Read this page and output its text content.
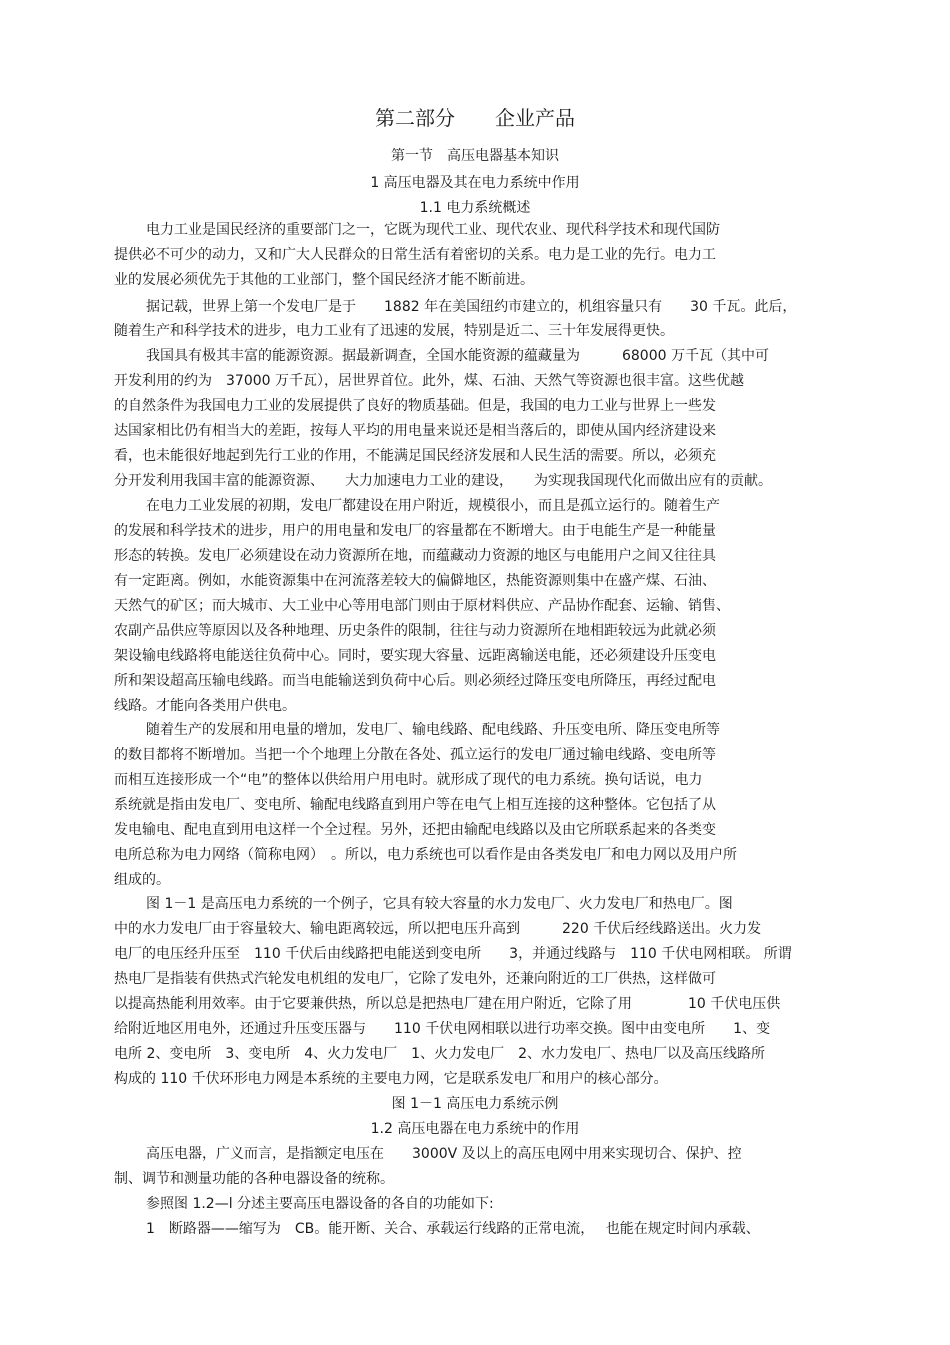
第二部分　　企业产品
第一节　高压电器基本知识
1 高压电器及其在电力系统中作用
1.1 电力系统概述
电力工业是国民经济的重要部门之一，它既为现代工业、现代农业、现代科学技术和现代国防
提供必不可少的动力，又和广大人民群众的日常生活有着密切的关系。电力是工业的先行。电力工
业的发展必须优先于其他的工业部门，整个国民经济才能不断前进。
据记载，世界上第一个发电厂是于　　1882 年在美国纽约市建立的，机组容量只有　　30 千瓦。此后，
随着生产和科学技术的进步，电力工业有了迅速的发展，特别是近二、三十年发展得更快。
我国具有极其丰富的能源资源。据最新调查，全国水能资源的蕴藏量为　　　68000 万千瓦（其中可
开发利用的约为　37000 万千瓦），居世界首位。此外，煤、石油、天然气等资源也很丰富。这些优越
的自然条件为我国电力工业的发展提供了良好的物质基础。但是，我国的电力工业与世界上一些发
达国家相比仍有相当大的差距，按每人平均的用电量来说还是相当落后的，即使从国内经济建设来
看，也未能很好地起到先行工业的作用，不能满足国民经济发展和人民生活的需要。所以，必须充
分开发利用我国丰富的能源资源、　　大力加速电力工业的建设，　　为实现我国现代化而做出应有的贡献。
在电力工业发展的初期，发电厂都建设在用户附近，规模很小，而且是孤立运行的。随着生产
的发展和科学技术的进步，用户的用电量和发电厂的容量都在不断增大。由于电能生产是一种能量
形态的转换。发电厂必须建设在动力资源所在地，而蕴藏动力资源的地区与电能用户之间又往往具
有一定距离。例如，水能资源集中在河流落差较大的偏僻地区，热能资源则集中在盛产煤、石油、
天然气的矿区；而大城市、大工业中心等用电部门则由于原材料供应、产品协作配套、运输、销售、
农副产品供应等原因以及各种地理、历史条件的限制，往往与动力资源所在地相距较远为此就必须
架设输电线路将电能送往负荷中心。同时，要实现大容量、远距离输送电能，还必须建设升压变电
所和架设超高压输电线路。而当电能输送到负荷中心后。则必须经过降压变电所降压，再经过配电
线路。才能向各类用户供电。
随着生产的发展和用电量的增加，发电厂、输电线路、配电线路、升压变电所、降压变电所等
的数目都将不断增加。当把一个个地理上分散在各处、孤立运行的发电厂通过输电线路、变电所等
而相互连接形成一个“电”的整体以供给用户用电时。就形成了现代的电力系统。换句话说，电力
系统就是指由发电厂、变电所、输配电线路直到用户等在电气上相互连接的这种整体。它包括了从
发电输电、配电直到用电这样一个全过程。另外，还把由输配电线路以及由它所联系起来的各类变
电所总称为电力网络（简称电网）　。所以，电力系统也可以看作是由各类发电厂和电力网以及用户所
组成的。
图 1－1 是高压电力系统的一个例子，它具有较大容量的水力发电厂、火力发电厂和热电厂。图
中的水力发电厂由于容量较大、输电距离较远，所以把电压升高到　　　220 千伏后经线路送出。火力发
电厂的电压经升压至　110 千伏后由线路把电能送到变电所　　3，并通过线路与　110 千伏电网相联。 所谓
热电厂是指装有供热式汽轮发电机组的发电厂，它除了发电外，还兼向附近的工厂供热，这样做可
以提高热能利用效率。由于它要兼供热，所以总是把热电厂建在用户附近，它除了用　　　　10 千伏电压供
给附近地区用电外，还通过升压变压器与　　110 千伏电网相联以进行功率交换。图中由变电所　　1、变
电所 2、变电所　3、变电所　4、火力发电厂　1、火力发电厂　2、水力发电厂、热电厂以及高压线路所
构成的 110 千伏环形电力网是本系统的主要电力网，它是联系发电厂和用户的核心部分。
图 1－1 高压电力系统示例
1.2 高压电器在电力系统中的作用
高压电器，广义而言，是指额定电压在　　3000V 及以上的高压电网中用来实现切合、保护、控
制、调节和测量功能的各种电器设备的统称。
参照图 1.2—l 分述主要高压电器设备的各自的功能如下:
1　断路器——缩写为　CB。能开断、关合、承载运行线路的正常电流，　 也能在规定时间内承载、
